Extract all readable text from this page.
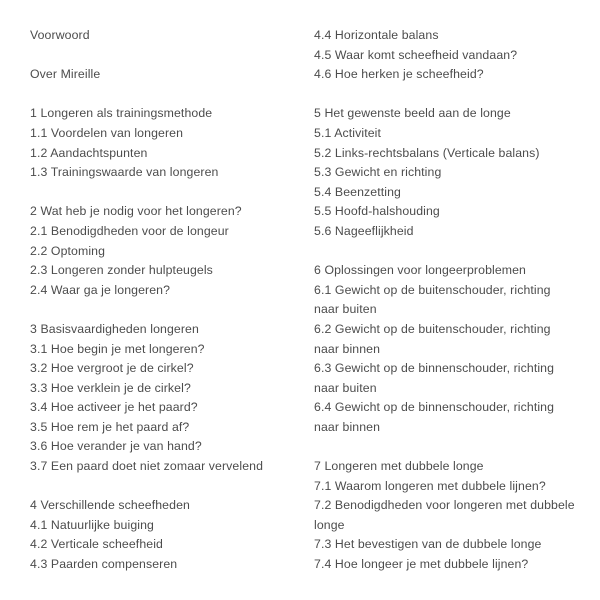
Voorwoord
Over Mireille
1 Longeren als trainingsmethode
1.1 Voordelen van longeren
1.2 Aandachtspunten
1.3 Trainingswaarde van longeren
2 Wat heb je nodig voor het longeren?
2.1 Benodigdheden voor de longeur
2.2 Optoming
2.3 Longeren zonder hulpteugels
2.4 Waar ga je longeren?
3 Basisvaardigheden longeren
3.1 Hoe begin je met longeren?
3.2 Hoe vergroot je de cirkel?
3.3 Hoe verklein je de cirkel?
3.4 Hoe activeer je het paard?
3.5 Hoe rem je het paard af?
3.6 Hoe verander je van hand?
3.7 Een paard doet niet zomaar vervelend
4 Verschillende scheefheden
4.1 Natuurlijke buiging
4.2 Verticale scheefheid
4.3 Paarden compenseren
4.4 Horizontale balans
4.5 Waar komt scheefheid vandaan?
4.6 Hoe herken je scheefheid?
5 Het gewenste beeld aan de longe
5.1 Activiteit
5.2 Links-rechtsbalans (Verticale balans)
5.3 Gewicht en richting
5.4 Beenzetting
5.5 Hoofd-halshouding
5.6 Nageeflijkheid
6 Oplossingen voor longeerproblemen
6.1 Gewicht op de buitenschouder, richting naar buiten
6.2 Gewicht op de buitenschouder, richting naar binnen
6.3 Gewicht op de binnenschouder, richting naar buiten
6.4 Gewicht op de binnenschouder, richting naar binnen
7 Longeren met dubbele longe
7.1 Waarom longeren met dubbele lijnen?
7.2 Benodigdheden voor longeren met dubbele longe
7.3 Het bevestigen van de dubbele longe
7.4 Hoe longeer je met dubbele lijnen?
